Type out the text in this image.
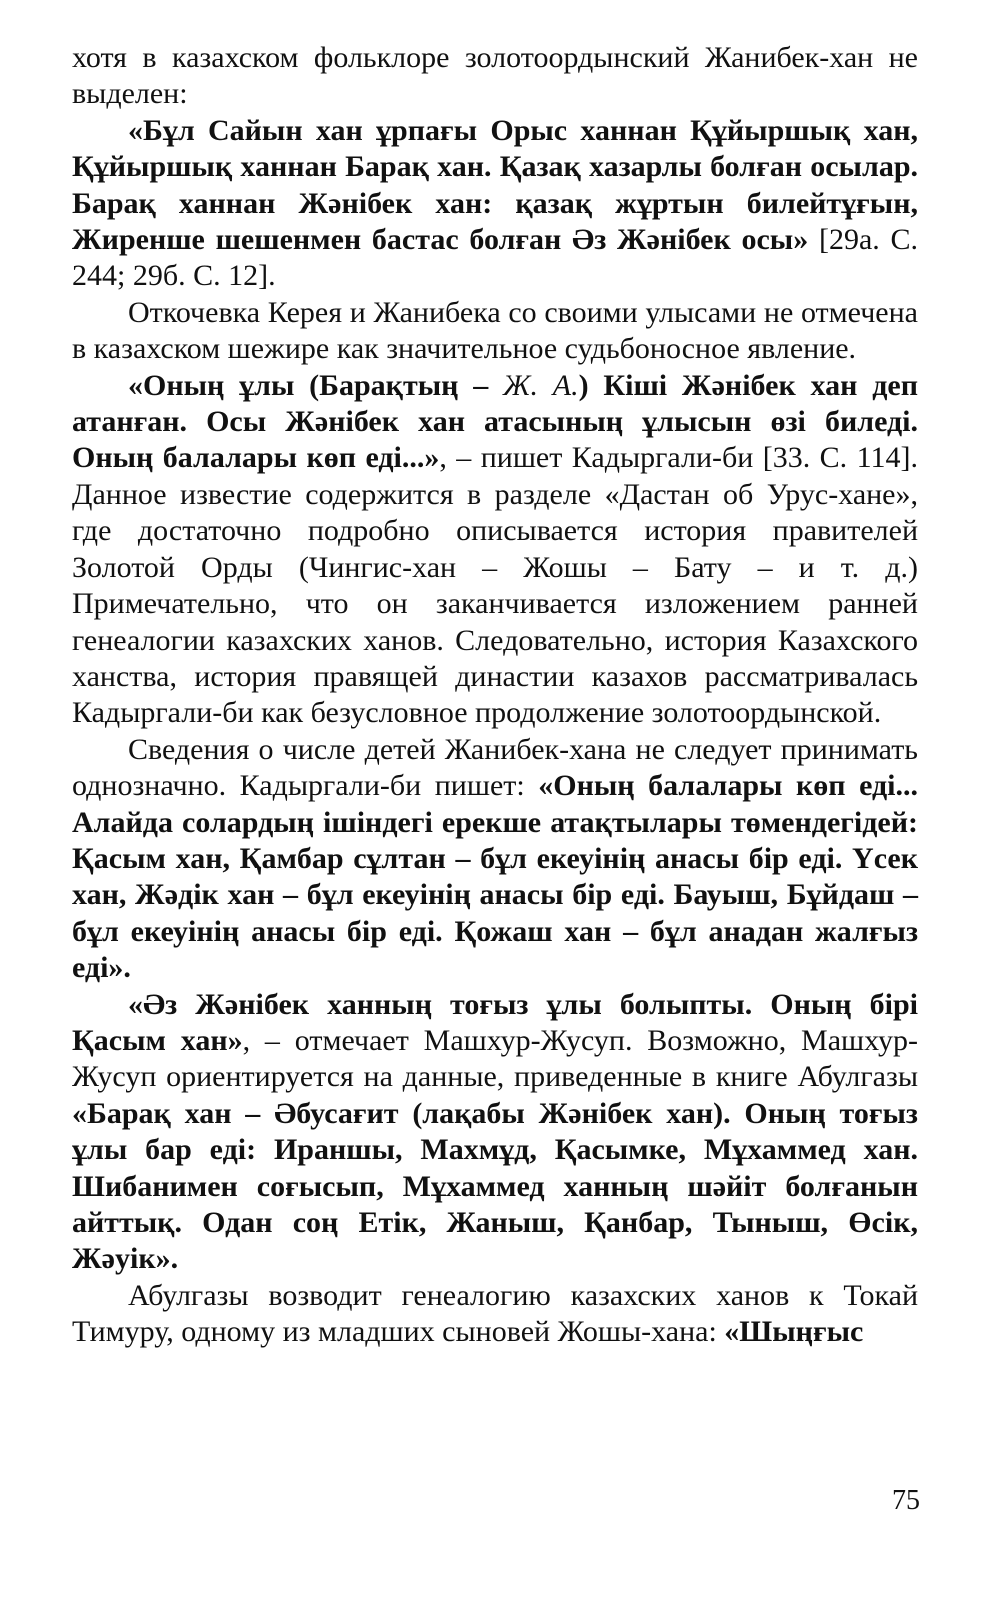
хотя в казахском фольклоре золотоордынский Жанибек-хан не выделен:

«Бұл Сайын хан ұрпағы Орыс ханнан Құйыршық хан, Құйыршық ханнан Барақ хан. Қазақ хазарлы болған осылар. Барақ ханнан Жәнібек хан: қазақ жұртын билейтұғын, Жиренше шешенмен бастас болған Әз Жәнібек осы» [29а. С. 244; 29б. С. 12].

Откочевка Керея и Жанибека со своими улысами не отмечена в казахском шежире как значительное судьбоносное явление.

«Оның ұлы (Барақтың – Ж. А.) Кіші Жәнібек хан деп атанған. Осы Жәнібек хан атасының ұлысын өзі биледі. Оның балалары көп еді...», – пишет Кадыргали-би [33. С. 114]. Данное известие содержится в разделе «Дастан об Урус-хане», где достаточно подробно описывается история правителей Золотой Орды (Чингис-хан – Жошы – Бату – и т. д.) Примечательно, что он заканчивается изложением ранней генеалогии казахских ханов. Следовательно, история Казахского ханства, история правящей династии казахов рассматривалась Кадыргали-би как безусловное продолжение золотоордынской.

Сведения о числе детей Жанибек-хана не следует принимать однозначно. Кадыргали-би пишет: «Оның балалары көп еді... Алайда солардың ішіндегі ерекше атақтылары төмендегідей: Қасым хан, Қамбар сұлтан – бұл екеуінің анасы бір еді. Үсек хан, Жәдік хан – бұл екеуінің анасы бір еді. Бауыш, Бұйдаш – бұл екеуінің анасы бір еді. Қожаш хан – бұл анадан жалғыз еді».

«Әз Жәнібек ханның тоғыз ұлы болыпты. Оның бірі Қасым хан», – отмечает Машхур-Жусуп. Возможно, Машхур-Жусуп ориентируется на данные, приведенные в книге Абулгазы «Барақ хан – Әбусағит (лақабы Жәнібек хан). Оның тоғыз ұлы бар еді: Ираншы, Махмұд, Қасымке, Мұхаммед хан. Шибанимен соғысып, Мұхаммед ханның шәйіт болғанын айттық. Одан соң Етік, Жаныш, Қанбар, Тыныш, Өсік, Жәуік».

Абулгазы возводит генеалогию казахских ханов к Токай Тимуру, одному из младших сыновей Жошы-хана: «Шыңғыс

75
